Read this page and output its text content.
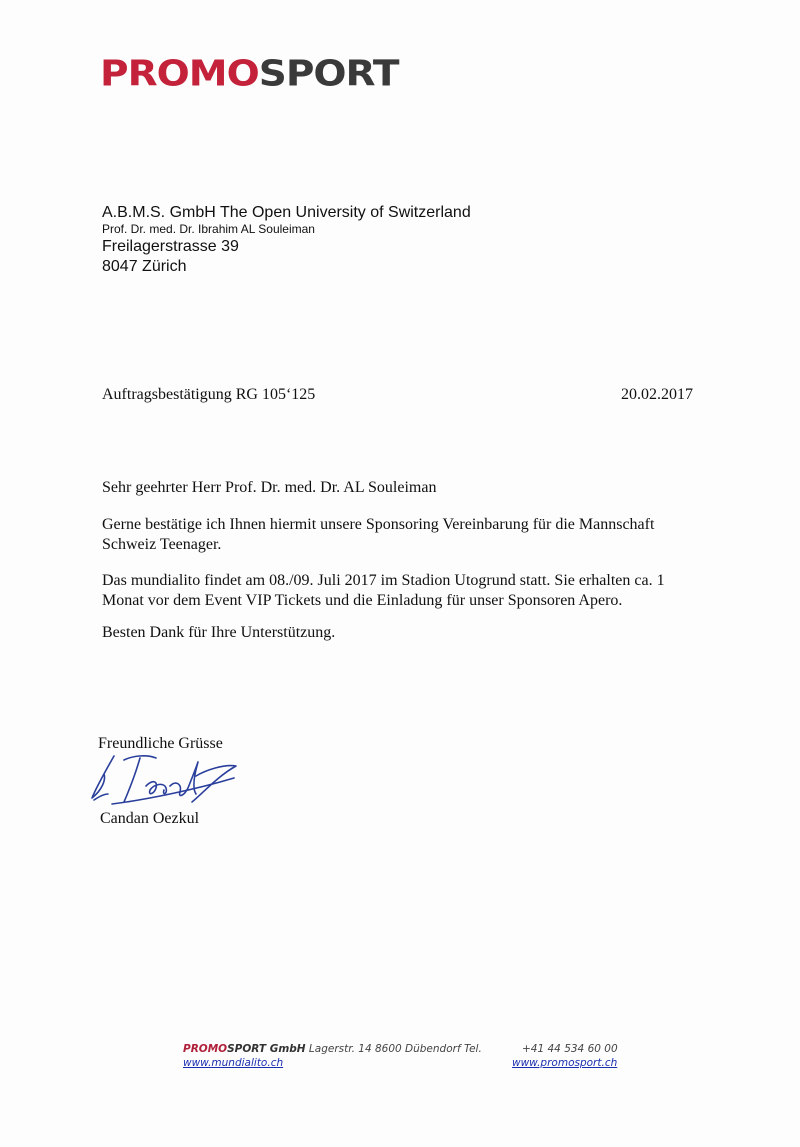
PROMOSPORT
A.B.M.S. GmbH The Open University of Switzerland
Prof. Dr. med. Dr. Ibrahim AL Souleiman
Freilagerstrasse 39
8047 Zürich
Auftragsbestätigung RG 105‘125	20.02.2017
Sehr geehrter Herr Prof. Dr. med. Dr. AL Souleiman
Gerne bestätige ich Ihnen hiermit unsere Sponsoring Vereinbarung für die Mannschaft Schweiz Teenager.
Das mundialito findet am 08./09. Juli 2017 im Stadion Utogrund statt. Sie erhalten ca. 1 Monat vor dem Event VIP Tickets und die Einladung für unser Sponsoren Apero.
Besten Dank für Ihre Unterstützung.
Freundliche Grüsse
Candan Oezkul
PROMOSPORT GmbH Lagerstr. 14 8600 Dübendorf Tel.	+41 44 534 60 00
www.mundialito.ch	www.promosport.ch
